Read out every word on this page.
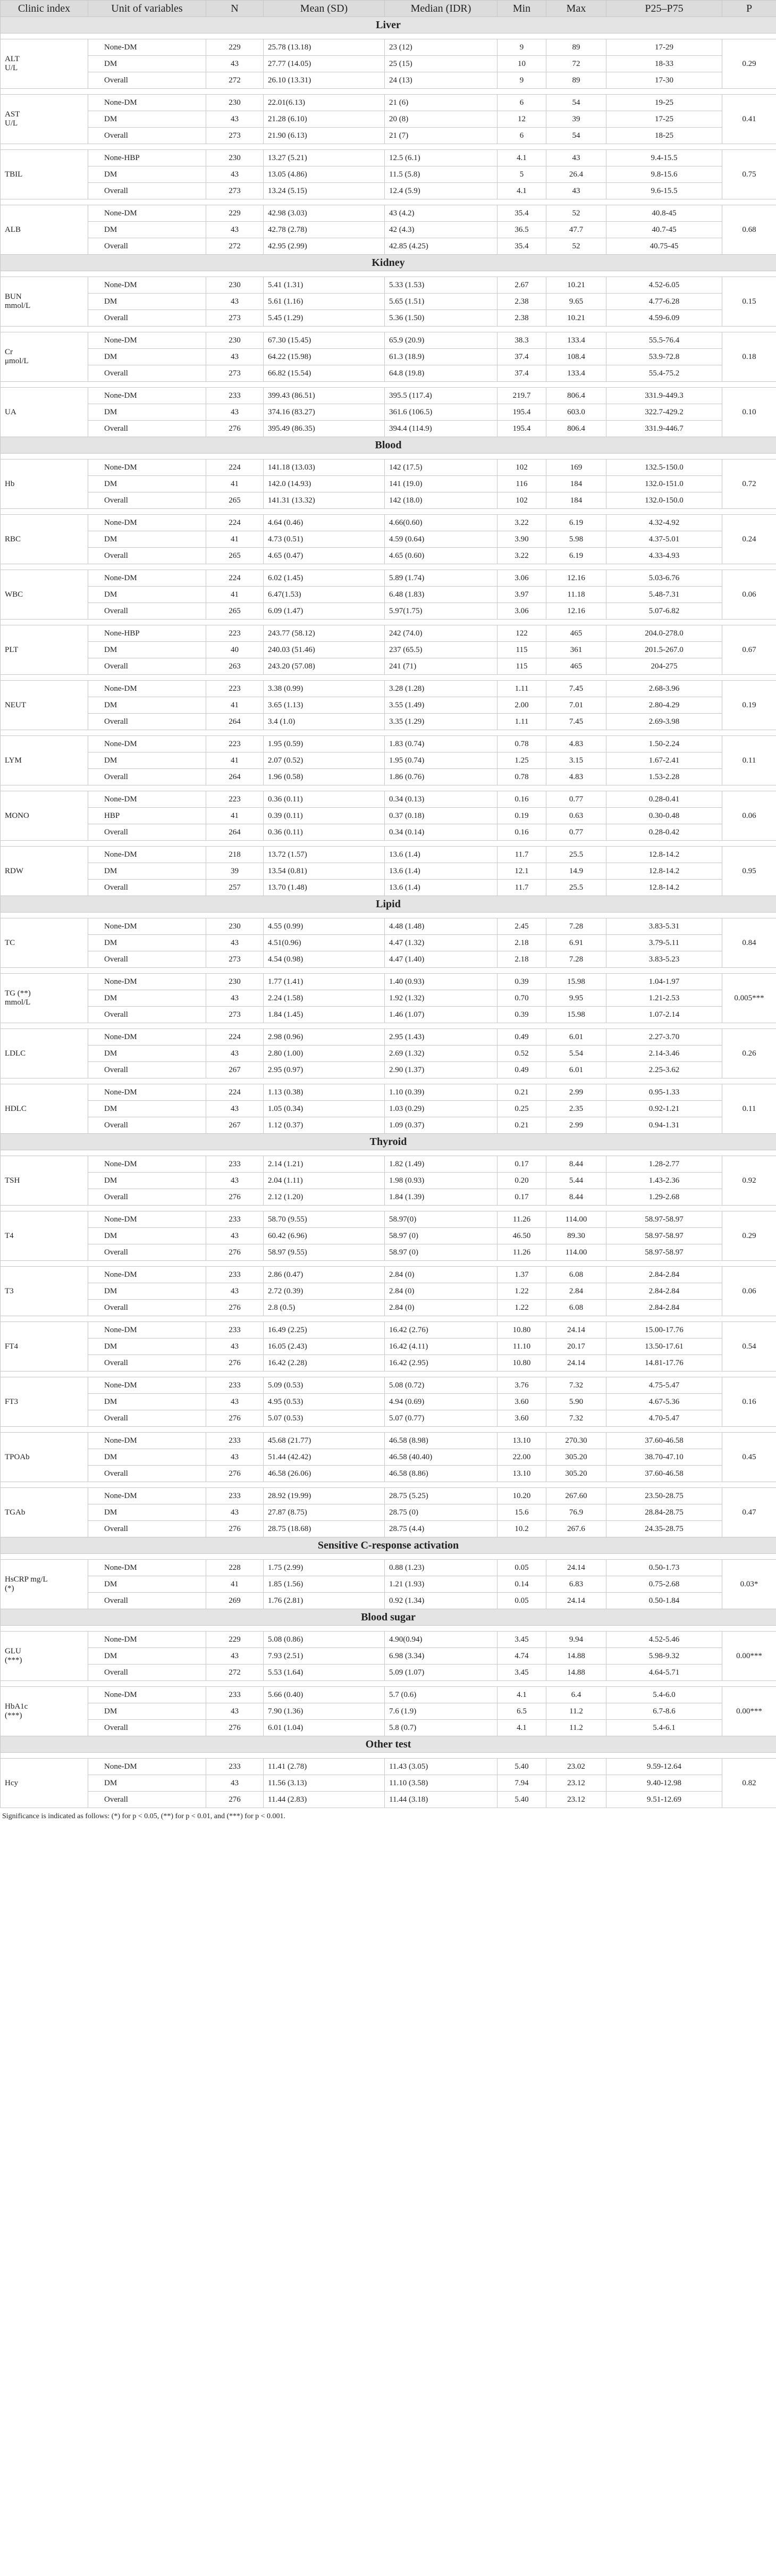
Clinic index	Unit of variables	N	Mean (SD)	Median (IDR)	Min	Max	P25–P75	P
Liver								

ALT
U/L	None-DM	229	25.78 (13.18)	23 (12)	9	89	17-29	0.29
	DM	43	27.77 (14.05)	25 (15)	10	72	18-33	
	Overall	272	26.10 (13.31)	24 (13)	9	89	17-30	

AST
U/L	None-DM	230	22.01(6.13)	21 (6)	6	54	19-25	0.41
	DM	43	21.28 (6.10)	20 (8)	12	39	17-25	
	Overall	273	21.90 (6.13)	21 (7)	6	54	18-25	

TBIL	None-HBP	230	13.27 (5.21)	12.5 (6.1)	4.1	43	9.4-15.5	0.75
	DM	43	13.05 (4.86)	11.5 (5.8)	5	26.4	9.8-15.6	
	Overall	273	13.24 (5.15)	12.4 (5.9)	4.1	43	9.6-15.5	

ALB	None-DM	229	42.98 (3.03)	43 (4.2)	35.4	52	40.8-45	0.68
	DM	43	42.78 (2.78)	42 (4.3)	36.5	47.7	40.7-45	
	Overall	272	42.95 (2.99)	42.85 (4.25)	35.4	52	40.75-45	
Kidney								

BUN
mmol/L	None-DM	230	5.41 (1.31)	5.33 (1.53)	2.67	10.21	4.52-6.05	0.15
	DM	43	5.61 (1.16)	5.65 (1.51)	2.38	9.65	4.77-6.28	
	Overall	273	5.45 (1.29)	5.36 (1.50)	2.38	10.21	4.59-6.09	

Cr
μmol/L	None-DM	230	67.30 (15.45)	65.9 (20.9)	38.3	133.4	55.5-76.4	0.18
	DM	43	64.22 (15.98)	61.3 (18.9)	37.4	108.4	53.9-72.8	
	Overall	273	66.82 (15.54)	64.8 (19.8)	37.4	133.4	55.4-75.2	

UA	None-DM	233	399.43 (86.51)	395.5 (117.4)	219.7	806.4	331.9-449.3	0.10
	DM	43	374.16 (83.27)	361.6 (106.5)	195.4	603.0	322.7-429.2	
	Overall	276	395.49 (86.35)	394.4 (114.9)	195.4	806.4	331.9-446.7	
Blood								

Hb	None-DM	224	141.18 (13.03)	142 (17.5)	102	169	132.5-150.0	0.72
	DM	41	142.0 (14.93)	141 (19.0)	116	184	132.0-151.0	
	Overall	265	141.31 (13.32)	142 (18.0)	102	184	132.0-150.0	

RBC	None-DM	224	4.64 (0.46)	4.66(0.60)	3.22	6.19	4.32-4.92	0.24
	DM	41	4.73 (0.51)	4.59 (0.64)	3.90	5.98	4.37-5.01	
	Overall	265	4.65 (0.47)	4.65 (0.60)	3.22	6.19	4.33-4.93	

WBC	None-DM	224	6.02 (1.45)	5.89 (1.74)	3.06	12.16	5.03-6.76	0.06
	DM	41	6.47(1.53)	6.48 (1.83)	3.97	11.18	5.48-7.31	
	Overall	265	6.09 (1.47)	5.97(1.75)	3.06	12.16	5.07-6.82	

PLT	None-HBP	223	243.77 (58.12)	242 (74.0)	122	465	204.0-278.0	0.67
	DM	40	240.03 (51.46)	237 (65.5)	115	361	201.5-267.0	
	Overall	263	243.20 (57.08)	241 (71)	115	465	204-275	

NEUT	None-DM	223	3.38 (0.99)	3.28 (1.28)	1.11	7.45	2.68-3.96	0.19
	DM	41	3.65 (1.13)	3.55 (1.49)	2.00	7.01	2.80-4.29	
	Overall	264	3.4 (1.0)	3.35 (1.29)	1.11	7.45	2.69-3.98	

LYM	None-DM	223	1.95 (0.59)	1.83 (0.74)	0.78	4.83	1.50-2.24	0.11
	DM	41	2.07 (0.52)	1.95 (0.74)	1.25	3.15	1.67-2.41	
	Overall	264	1.96 (0.58)	1.86 (0.76)	0.78	4.83	1.53-2.28	

MONO	None-DM	223	0.36 (0.11)	0.34 (0.13)	0.16	0.77	0.28-0.41	0.06
	HBP	41	0.39 (0.11)	0.37 (0.18)	0.19	0.63	0.30-0.48	
	Overall	264	0.36 (0.11)	0.34 (0.14)	0.16	0.77	0.28-0.42	

RDW	None-DM	218	13.72 (1.57)	13.6 (1.4)	11.7	25.5	12.8-14.2	0.95
	DM	39	13.54 (0.81)	13.6 (1.4)	12.1	14.9	12.8-14.2	
	Overall	257	13.70 (1.48)	13.6 (1.4)	11.7	25.5	12.8-14.2	
Lipid								

TC	None-DM	230	4.55 (0.99)	4.48 (1.48)	2.45	7.28	3.83-5.31	0.84
	DM	43	4.51(0.96)	4.47 (1.32)	2.18	6.91	3.79-5.11	
	Overall	273	4.54 (0.98)	4.47 (1.40)	2.18	7.28	3.83-5.23	

TG (**)
mmol/L	None-DM	230	1.77 (1.41)	1.40 (0.93)	0.39	15.98	1.04-1.97	0.005***
	DM	43	2.24 (1.58)	1.92 (1.32)	0.70	9.95	1.21-2.53	
	Overall	273	1.84 (1.45)	1.46 (1.07)	0.39	15.98	1.07-2.14	

LDLC	None-DM	224	2.98 (0.96)	2.95 (1.43)	0.49	6.01	2.27-3.70	0.26
	DM	43	2.80 (1.00)	2.69 (1.32)	0.52	5.54	2.14-3.46	
	Overall	267	2.95 (0.97)	2.90 (1.37)	0.49	6.01	2.25-3.62	

HDLC	None-DM	224	1.13 (0.38)	1.10 (0.39)	0.21	2.99	0.95-1.33	0.11
	DM	43	1.05 (0.34)	1.03 (0.29)	0.25	2.35	0.92-1.21	
	Overall	267	1.12 (0.37)	1.09 (0.37)	0.21	2.99	0.94-1.31	
Thyroid								

TSH	None-DM	233	2.14 (1.21)	1.82 (1.49)	0.17	8.44	1.28-2.77	0.92
	DM	43	2.04 (1.11)	1.98 (0.93)	0.20	5.44	1.43-2.36	
	Overall	276	2.12 (1.20)	1.84 (1.39)	0.17	8.44	1.29-2.68	

T4	None-DM	233	58.70 (9.55)	58.97(0)	11.26	114.00	58.97-58.97	0.29
	DM	43	60.42 (6.96)	58.97 (0)	46.50	89.30	58.97-58.97	
	Overall	276	58.97 (9.55)	58.97 (0)	11.26	114.00	58.97-58.97	

T3	None-DM	233	2.86 (0.47)	2.84 (0)	1.37	6.08	2.84-2.84	0.06
	DM	43	2.72 (0.39)	2.84 (0)	1.22	2.84	2.84-2.84	
	Overall	276	2.8 (0.5)	2.84 (0)	1.22	6.08	2.84-2.84	

FT4	None-DM	233	16.49 (2.25)	16.42 (2.76)	10.80	24.14	15.00-17.76	0.54
	DM	43	16.05 (2.43)	16.42 (4.11)	11.10	20.17	13.50-17.61	
	Overall	276	16.42 (2.28)	16.42 (2.95)	10.80	24.14	14.81-17.76	

FT3	None-DM	233	5.09 (0.53)	5.08 (0.72)	3.76	7.32	4.75-5.47	0.16
	DM	43	4.95 (0.53)	4.94 (0.69)	3.60	5.90	4.67-5.36	
	Overall	276	5.07 (0.53)	5.07 (0.77)	3.60	7.32	4.70-5.47	

TPOAb	None-DM	233	45.68 (21.77)	46.58 (8.98)	13.10	270.30	37.60-46.58	0.45
	DM	43	51.44 (42.42)	46.58 (40.40)	22.00	305.20	38.70-47.10	
	Overall	276	46.58 (26.06)	46.58 (8.86)	13.10	305.20	37.60-46.58	

TGAb	None-DM	233	28.92 (19.99)	28.75 (5.25)	10.20	267.60	23.50-28.75	0.47
	DM	43	27.87 (8.75)	28.75 (0)	15.6	76.9	28.84-28.75	
	Overall	276	28.75 (18.68)	28.75 (4.4)	10.2	267.6	24.35-28.75	
Sensitive C-response activation								

HsCRP mg/L
(*)	None-DM	228	1.75 (2.99)	0.88 (1.23)	0.05	24.14	0.50-1.73	0.03*
	DM	41	1.85 (1.56)	1.21 (1.93)	0.14	6.83	0.75-2.68	
	Overall	269	1.76 (2.81)	0.92 (1.34)	0.05	24.14	0.50-1.84	
Blood sugar								

GLU
(***)	None-DM	229	5.08 (0.86)	4.90(0.94)	3.45	9.94	4.52-5.46	0.00***
	DM	43	7.93 (2.51)	6.98 (3.34)	4.74	14.88	5.98-9.32	
	Overall	272	5.53 (1.64)	5.09 (1.07)	3.45	14.88	4.64-5.71	

HbA1c
(***)	None-DM	233	5.66 (0.40)	5.7 (0.6)	4.1	6.4	5.4-6.0	0.00***
	DM	43	7.90 (1.36)	7.6 (1.9)	6.5	11.2	6.7-8.6	
	Overall	276	6.01 (1.04)	5.8 (0.7)	4.1	11.2	5.4-6.1	
Other test								

Hcy	None-DM	233	11.41 (2.78)	11.43 (3.05)	5.40	23.02	9.59-12.64	0.82
	DM	43	11.56 (3.13)	11.10 (3.58)	7.94	23.12	9.40-12.98	
	Overall	276	11.44 (2.83)	11.44 (3.18)	5.40	23.12	9.51-12.69	
Significance is indicated as follows: (*) for p < 0.05, (**) for p < 0.01, and (***) for p < 0.001.
